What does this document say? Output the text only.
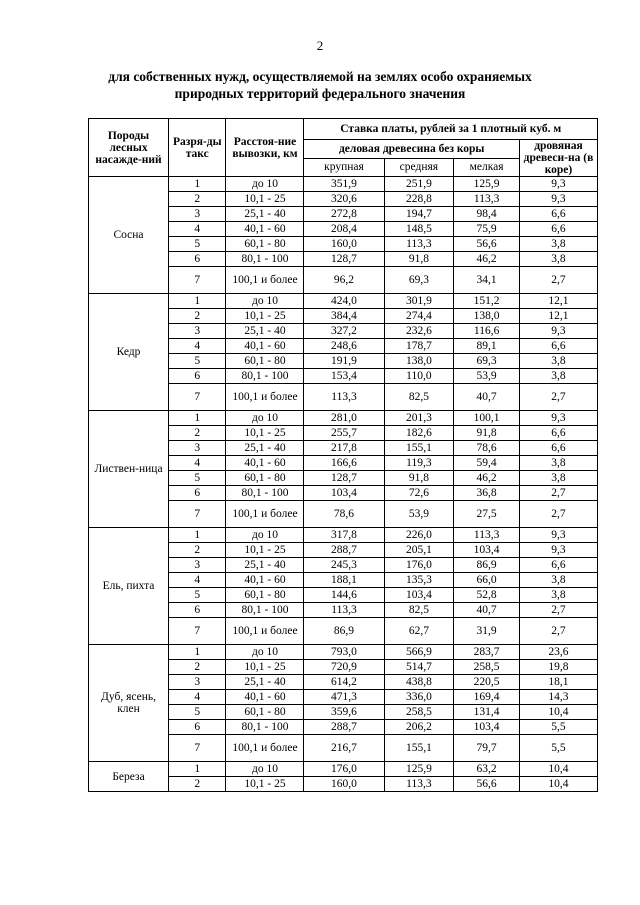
2
для собственных нужд, осуществляемой на землях особо охраняемых
природных территорий федерального значения
Породы лесных насажде-ний	Разря-ды такс	Расстоя-ние вывозки, км	Ставка платы, рублей за 1 плотный куб. м			
			деловая древесина без коры			дровяная древеси-на (в коре)
			крупная	средняя	мелкая	
Сосна	1	до 10	351,9	251,9	125,9	9,3
	2	10,1 - 25	320,6	228,8	113,3	9,3
	3	25,1 - 40	272,8	194,7	98,4	6,6
	4	40,1 - 60	208,4	148,5	75,9	6,6
	5	60,1 - 80	160,0	113,3	56,6	3,8
	6	80,1 - 100	128,7	91,8	46,2	3,8
	7	100,1 и более	96,2	69,3	34,1	2,7
Кедр	1	до 10	424,0	301,9	151,2	12,1
	2	10,1 - 25	384,4	274,4	138,0	12,1
	3	25,1 - 40	327,2	232,6	116,6	9,3
	4	40,1 - 60	248,6	178,7	89,1	6,6
	5	60,1 - 80	191,9	138,0	69,3	3,8
	6	80,1 - 100	153,4	110,0	53,9	3,8
	7	100,1 и более	113,3	82,5	40,7	2,7
Листвен-ница	1	до 10	281,0	201,3	100,1	9,3
	2	10,1 - 25	255,7	182,6	91,8	6,6
	3	25,1 - 40	217,8	155,1	78,6	6,6
	4	40,1 - 60	166,6	119,3	59,4	3,8
	5	60,1 - 80	128,7	91,8	46,2	3,8
	6	80,1 - 100	103,4	72,6	36,8	2,7
	7	100,1 и более	78,6	53,9	27,5	2,7
Ель, пихта	1	до 10	317,8	226,0	113,3	9,3
	2	10,1 - 25	288,7	205,1	103,4	9,3
	3	25,1 - 40	245,3	176,0	86,9	6,6
	4	40,1 - 60	188,1	135,3	66,0	3,8
	5	60,1 - 80	144,6	103,4	52,8	3,8
	6	80,1 - 100	113,3	82,5	40,7	2,7
	7	100,1 и более	86,9	62,7	31,9	2,7
Дуб, ясень, клен	1	до 10	793,0	566,9	283,7	23,6
	2	10,1 - 25	720,9	514,7	258,5	19,8
	3	25,1 - 40	614,2	438,8	220,5	18,1
	4	40,1 - 60	471,3	336,0	169,4	14,3
	5	60,1 - 80	359,6	258,5	131,4	10,4
	6	80,1 - 100	288,7	206,2	103,4	5,5
	7	100,1 и более	216,7	155,1	79,7	5,5
Береза	1	до 10	176,0	125,9	63,2	10,4
	2	10,1 - 25	160,0	113,3	56,6	10,4
